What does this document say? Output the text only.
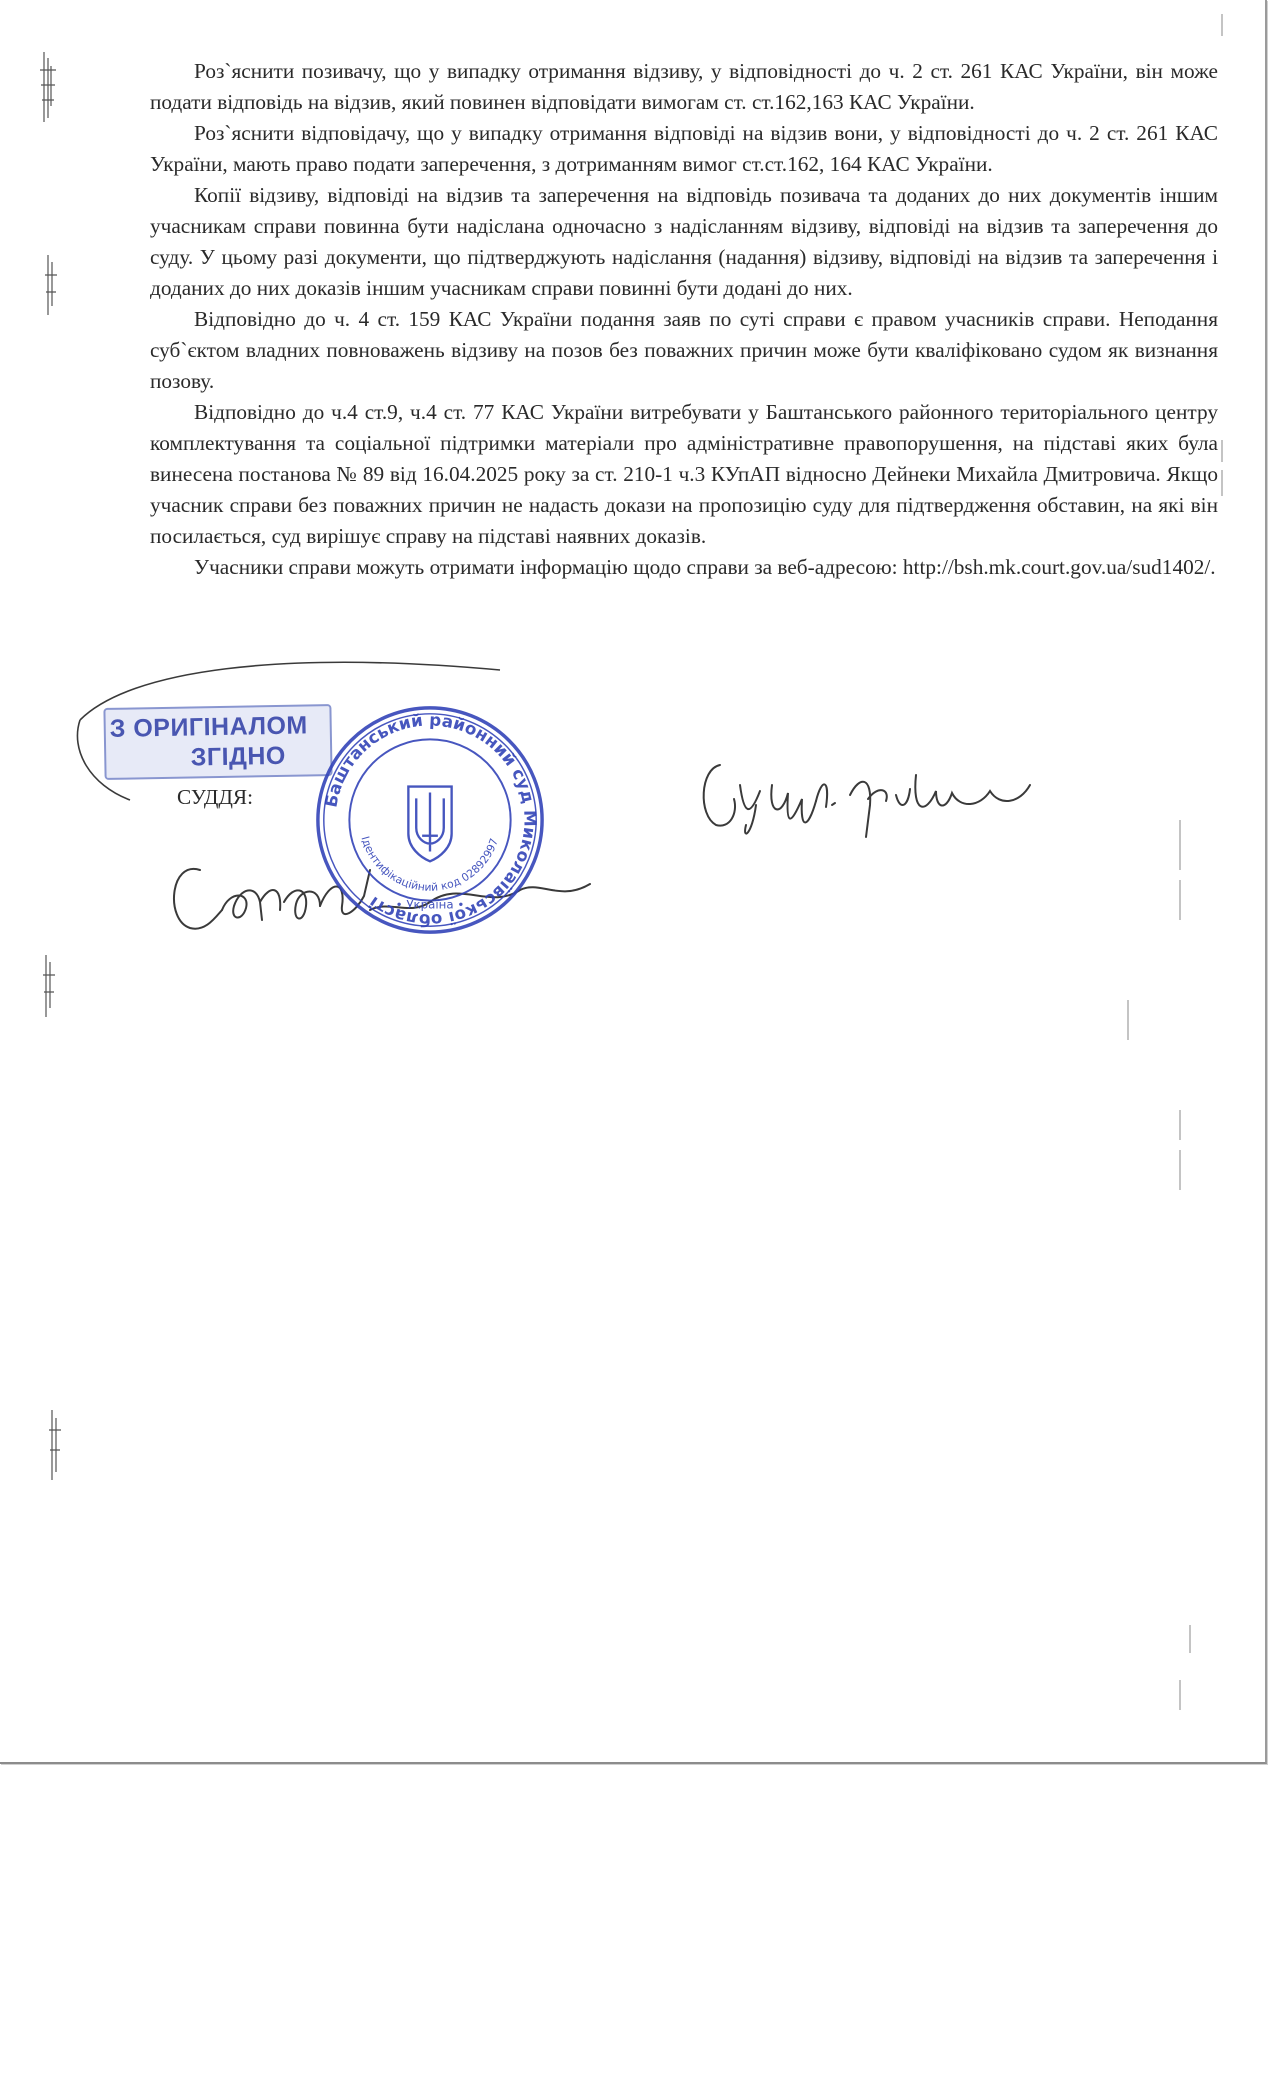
Роз`яснити позивачу, що у випадку отримання відзиву, у відповідності до ч. 2 ст. 261 КАС України, він може подати відповідь на відзив, який повинен відповідати вимогам ст. ст.162,163 КАС України.

Роз`яснити відповідачу, що у випадку отримання відповіді на відзив вони, у відповідності до ч. 2 ст. 261 КАС України, мають право подати заперечення, з дотриманням вимог ст.ст.162, 164 КАС України.

Копії відзиву, відповіді на відзив та заперечення на відповідь позивача та доданих до них документів іншим учасникам справи повинна бути надіслана одночасно з надісланням відзиву, відповіді на відзив та заперечення до суду. У цьому разі документи, що підтверджують надіслання (надання) відзиву, відповіді на відзив та заперечення і доданих до них доказів іншим учасникам справи повинні бути додані до них.

Відповідно до ч. 4 ст. 159 КАС України подання заяв по суті справи є правом учасників справи. Неподання суб`єктом владних повноважень відзиву на позов без поважних причин може бути кваліфіковано судом як визнання позову.

Відповідно до ч.4 ст.9, ч.4 ст. 77 КАС України витребувати у Баштанського районного територіального центру комплектування та соціальної підтримки матеріали про адміністративне правопорушення, на підставі яких була винесена постанова № 89 від 16.04.2025 року за ст. 210-1 ч.3 КУпАП відносно Дейнеки Михайла Дмитровича. Якщо учасник справи без поважних причин не надасть докази на пропозицію суду для підтвердження обставин, на які він посилається, суд вирішує справу на підставі наявних доказів.

Учасники справи можуть отримати інформацію щодо справи за веб-адресою: http://bsh.mk.court.gov.ua/sud1402/.

З ОРИГІНАЛОМ
ЗГІДНО
СУДДЯ:	Баштанський районний суд Миколаївської області
Ідентифікаційний код 02892997
• Україна •
